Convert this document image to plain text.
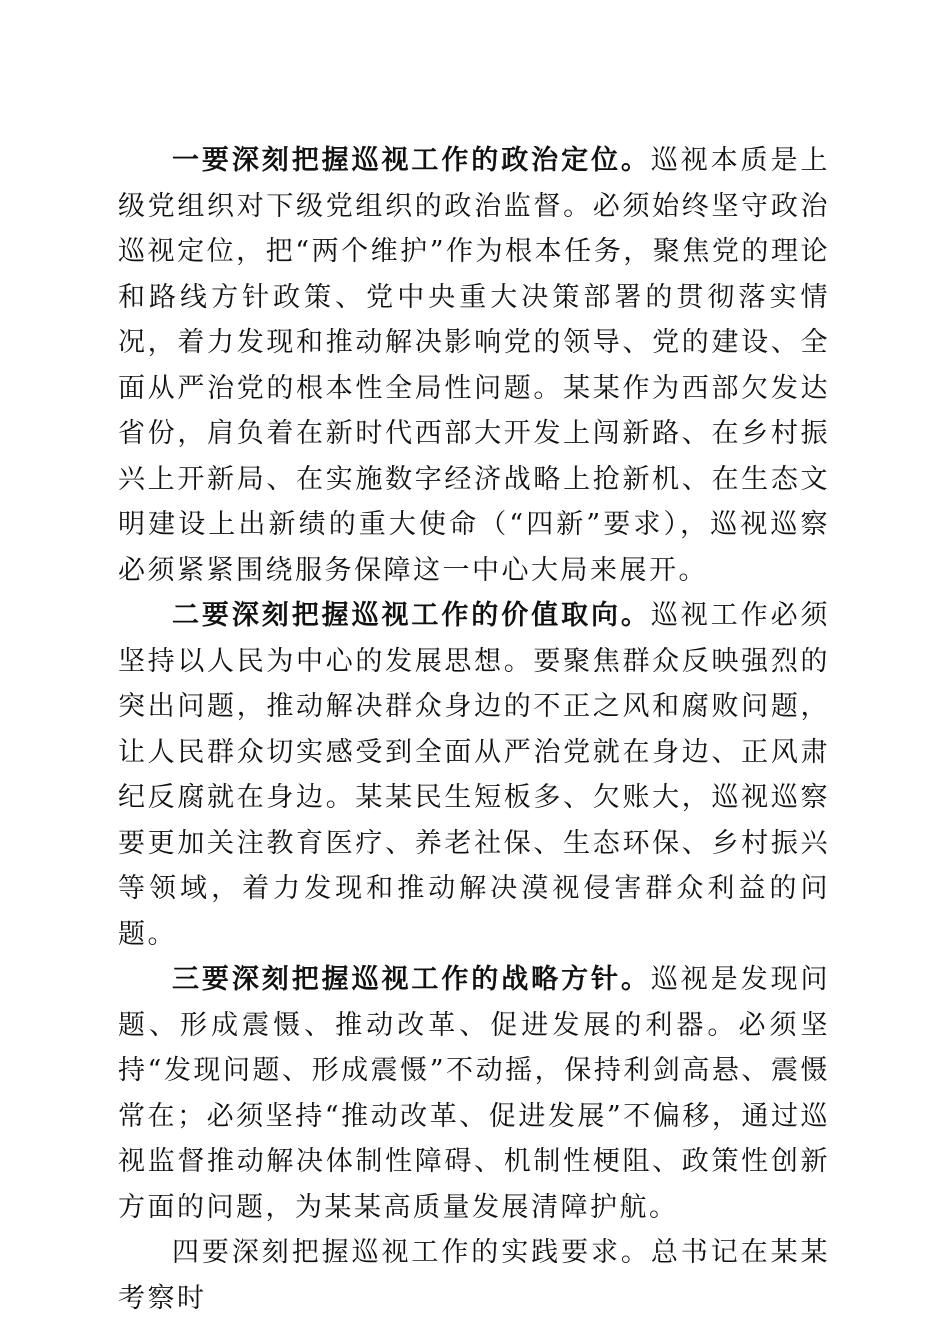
一要深刻把握巡视工作的政治定位。巡视本质是上级党组织对下级党组织的政治监督。必须始终坚守政治巡视定位，把“两个维护”作为根本任务，聚焦党的理论和路线方针政策、党中央重大决策部署的贯彻落实情况，着力发现和推动解决影响党的领导、党的建设、全面从严治党的根本性全局性问题。某某作为西部欠发达省份，肩负着在新时代西部大开发上闯新路、在乡村振兴上开新局、在实施数字经济战略上抢新机、在生态文明建设上出新绩的重大使命（“四新”要求），巡视巡察必须紧紧围绕服务保障这一中心大局来展开。

二要深刻把握巡视工作的价值取向。巡视工作必须坚持以人民为中心的发展思想。要聚焦群众反映强烈的突出问题，推动解决群众身边的不正之风和腐败问题，让人民群众切实感受到全面从严治党就在身边、正风肃纪反腐就在身边。某某民生短板多、欠账大，巡视巡察要更加关注教育医疗、养老社保、生态环保、乡村振兴等领域，着力发现和推动解决漠视侵害群众利益的问题。

三要深刻把握巡视工作的战略方针。巡视是发现问题、形成震慑、推动改革、促进发展的利器。必须坚持“发现问题、形成震慑”不动摇，保持利剑高悬、震慑常在；必须坚持“推动改革、促进发展”不偏移，通过巡视监督推动解决体制性障碍、机制性梗阻、政策性创新方面的问题，为某某高质量发展清障护航。

四要深刻把握巡视工作的实践要求。总书记在某某考察时
